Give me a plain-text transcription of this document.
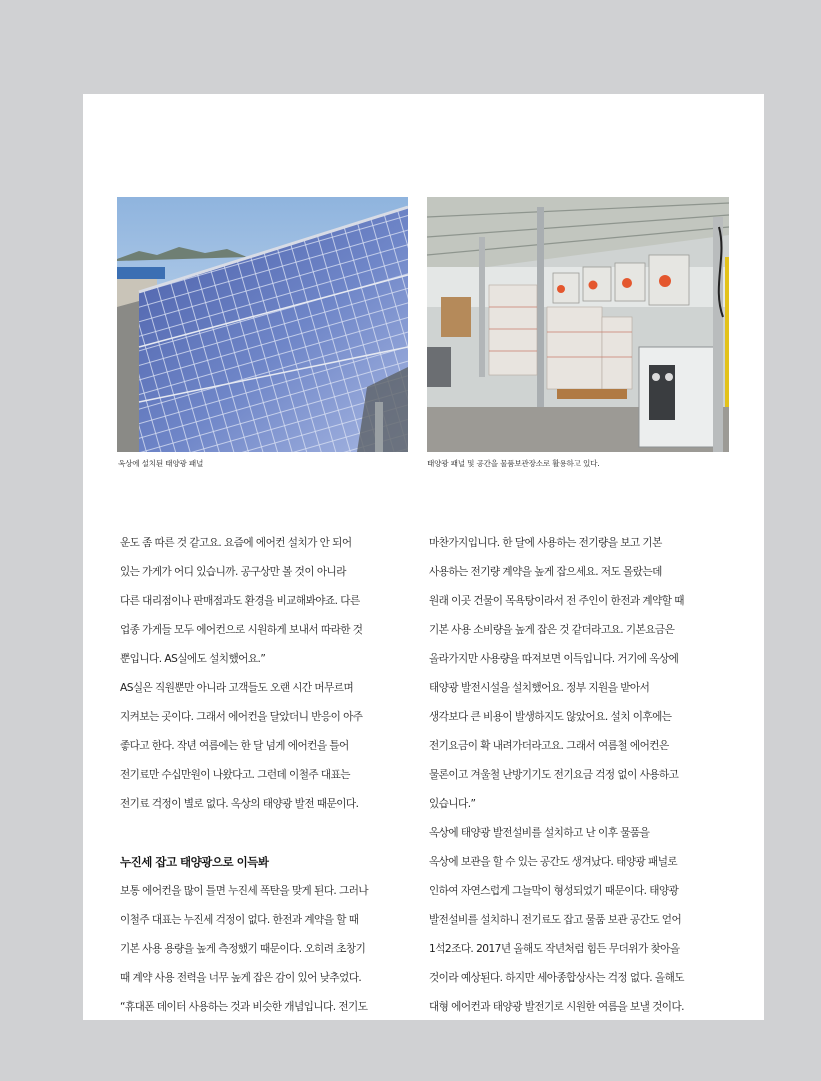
옥상에 설치된 태양광 패널	태양광 패널 및 공간을 물품보관장소로 활용하고 있다.

운도 좀 따른 것 같고요. 요즘에 에어컨 설치가 안 되어

있는 가게가 어디 있습니까. 공구상만 볼 것이 아니라

다른 대리점이나 판매점과도 환경을 비교해봐야죠. 다른

업종 가게들 모두 에어컨으로 시원하게 보내서 따라한 것

뿐입니다. AS실에도 설치했어요.”

AS실은 직원뿐만 아니라 고객들도 오랜 시간 머무르며

지켜보는 곳이다. 그래서 에어컨을 달았더니 반응이 아주

좋다고 한다. 작년 여름에는 한 달 넘게 에어컨을 틀어

전기료만 수십만원이 나왔다고. 그런데 이철주 대표는

전기료 걱정이 별로 없다. 옥상의 태양광 발전 때문이다.

누진세 잡고 태양광으로 이득봐

보통 에어컨을 많이 틀면 누진세 폭탄을 맞게 된다. 그러나

이철주 대표는 누진세 걱정이 없다. 한전과 계약을 할 때

기본 사용 용량을 높게 측정했기 때문이다. 오히려 초창기

때 계약 사용 전력을 너무 높게 잡은 감이 있어 낮추었다.

“휴대폰 데이터 사용하는 것과 비슷한 개념입니다. 전기도

마찬가지입니다. 한 달에 사용하는 전기량을 보고 기본

사용하는 전기량 계약을 높게 잡으세요. 저도 몰랐는데

원래 이곳 건물이 목욕탕이라서 전 주인이 한전과 계약할 때

기본 사용 소비량을 높게 잡은 것 같더라고요. 기본요금은

올라가지만 사용량을 따져보면 이득입니다. 거기에 옥상에

태양광 발전시설을 설치했어요. 정부 지원을 받아서

생각보다 큰 비용이 발생하지도 않았어요. 설치 이후에는

전기요금이 확 내려가더라고요. 그래서 여름철 에어컨은

물론이고 겨울철 난방기기도 전기요금 걱정 없이 사용하고

있습니다.”

옥상에 태양광 발전설비를 설치하고 난 이후 물품을

옥상에 보관을 할 수 있는 공간도 생겨났다. 태양광 패널로

인하여 자연스럽게 그늘막이 형성되었기 때문이다. 태양광

발전설비를 설치하니 전기료도 잡고 물품 보관 공간도 얻어

1석2조다. 2017년 올해도 작년처럼 힘든 무더위가 찾아올

것이라 예상된다. 하지만 세아종합상사는 걱정 없다. 올해도

대형 에어컨과 태양광 발전기로 시원한 여름을 보낼 것이다.
